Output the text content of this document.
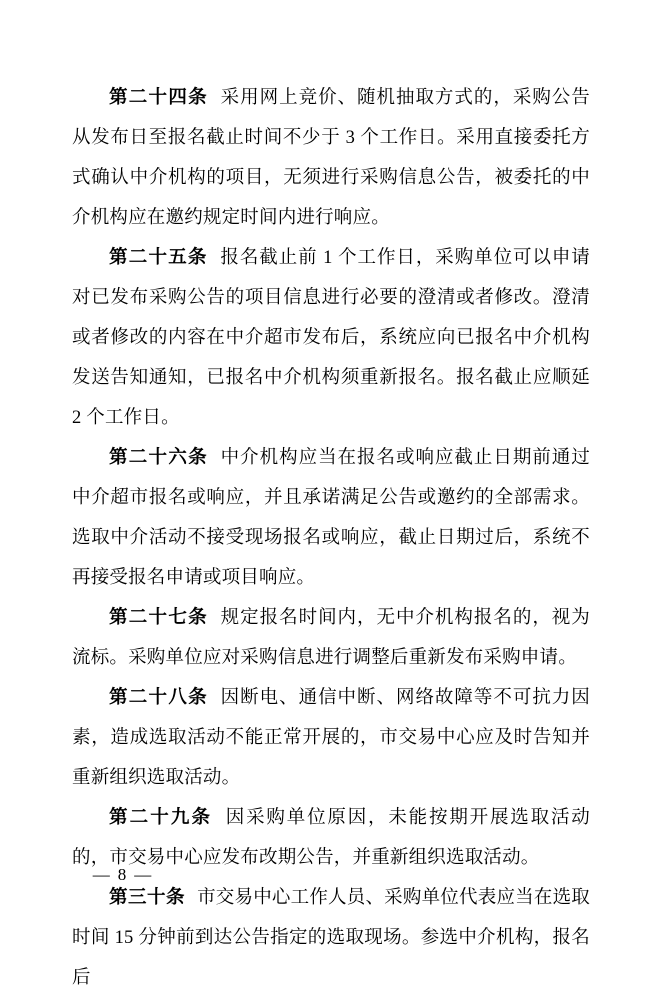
第二十四条 采用网上竞价、随机抽取方式的，采购公告从发布日至报名截止时间不少于 3 个工作日。采用直接委托方式确认中介机构的项目，无须进行采购信息公告，被委托的中介机构应在邀约规定时间内进行响应。

第二十五条 报名截止前 1 个工作日，采购单位可以申请对已发布采购公告的项目信息进行必要的澄清或者修改。澄清或者修改的内容在中介超市发布后，系统应向已报名中介机构发送告知通知，已报名中介机构须重新报名。报名截止应顺延 2 个工作日。

第二十六条 中介机构应当在报名或响应截止日期前通过中介超市报名或响应，并且承诺满足公告或邀约的全部需求。选取中介活动不接受现场报名或响应，截止日期过后，系统不再接受报名申请或项目响应。

第二十七条 规定报名时间内，无中介机构报名的，视为流标。采购单位应对采购信息进行调整后重新发布采购申请。

第二十八条 因断电、通信中断、网络故障等不可抗力因素，造成选取活动不能正常开展的，市交易中心应及时告知并重新组织选取活动。

第二十九条 因采购单位原因，未能按期开展选取活动的，市交易中心应发布改期公告，并重新组织选取活动。

第三十条 市交易中心工作人员、采购单位代表应当在选取时间 15 分钟前到达公告指定的选取现场。参选中介机构，报名后

— 8 —
